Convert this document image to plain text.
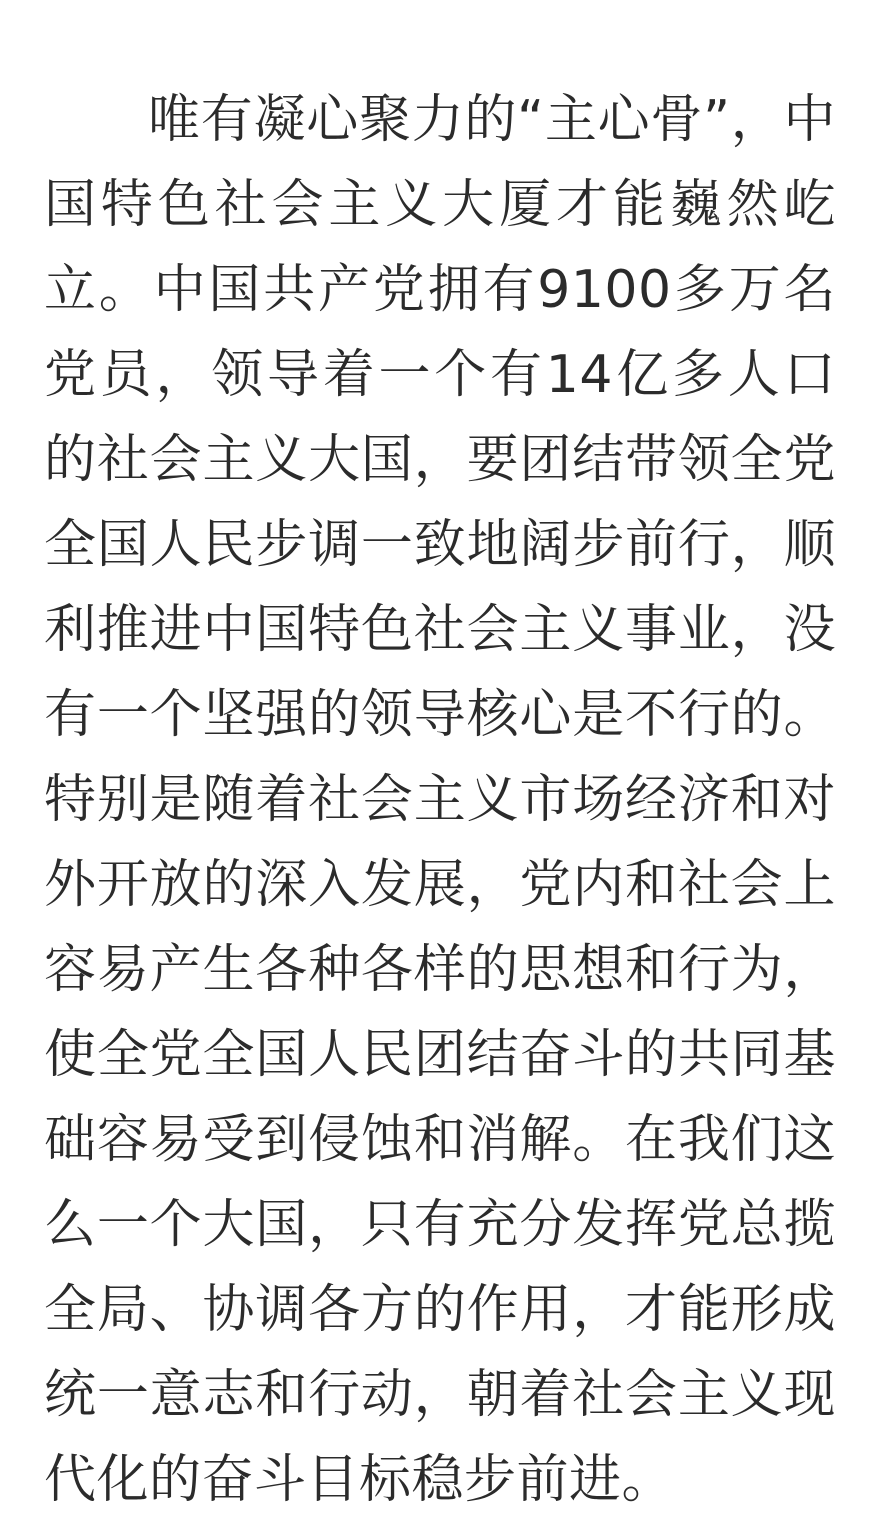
唯有凝心聚力的“主心骨”，中国特色社会主义大厦才能巍然屹立。中国共产党拥有9100多万名党员，领导着一个有14亿多人口的社会主义大国，要团结带领全党全国人民步调一致地阔步前行，顺利推进中国特色社会主义事业，没有一个坚强的领导核心是不行的。特别是随着社会主义市场经济和对外开放的深入发展，党内和社会上容易产生各种各样的思想和行为，使全党全国人民团结奋斗的共同基础容易受到侵蚀和消解。在我们这么一个大国，只有充分发挥党总揽全局、协调各方的作用，才能形成统一意志和行动，朝着社会主义现代化的奋斗目标稳步前进。
